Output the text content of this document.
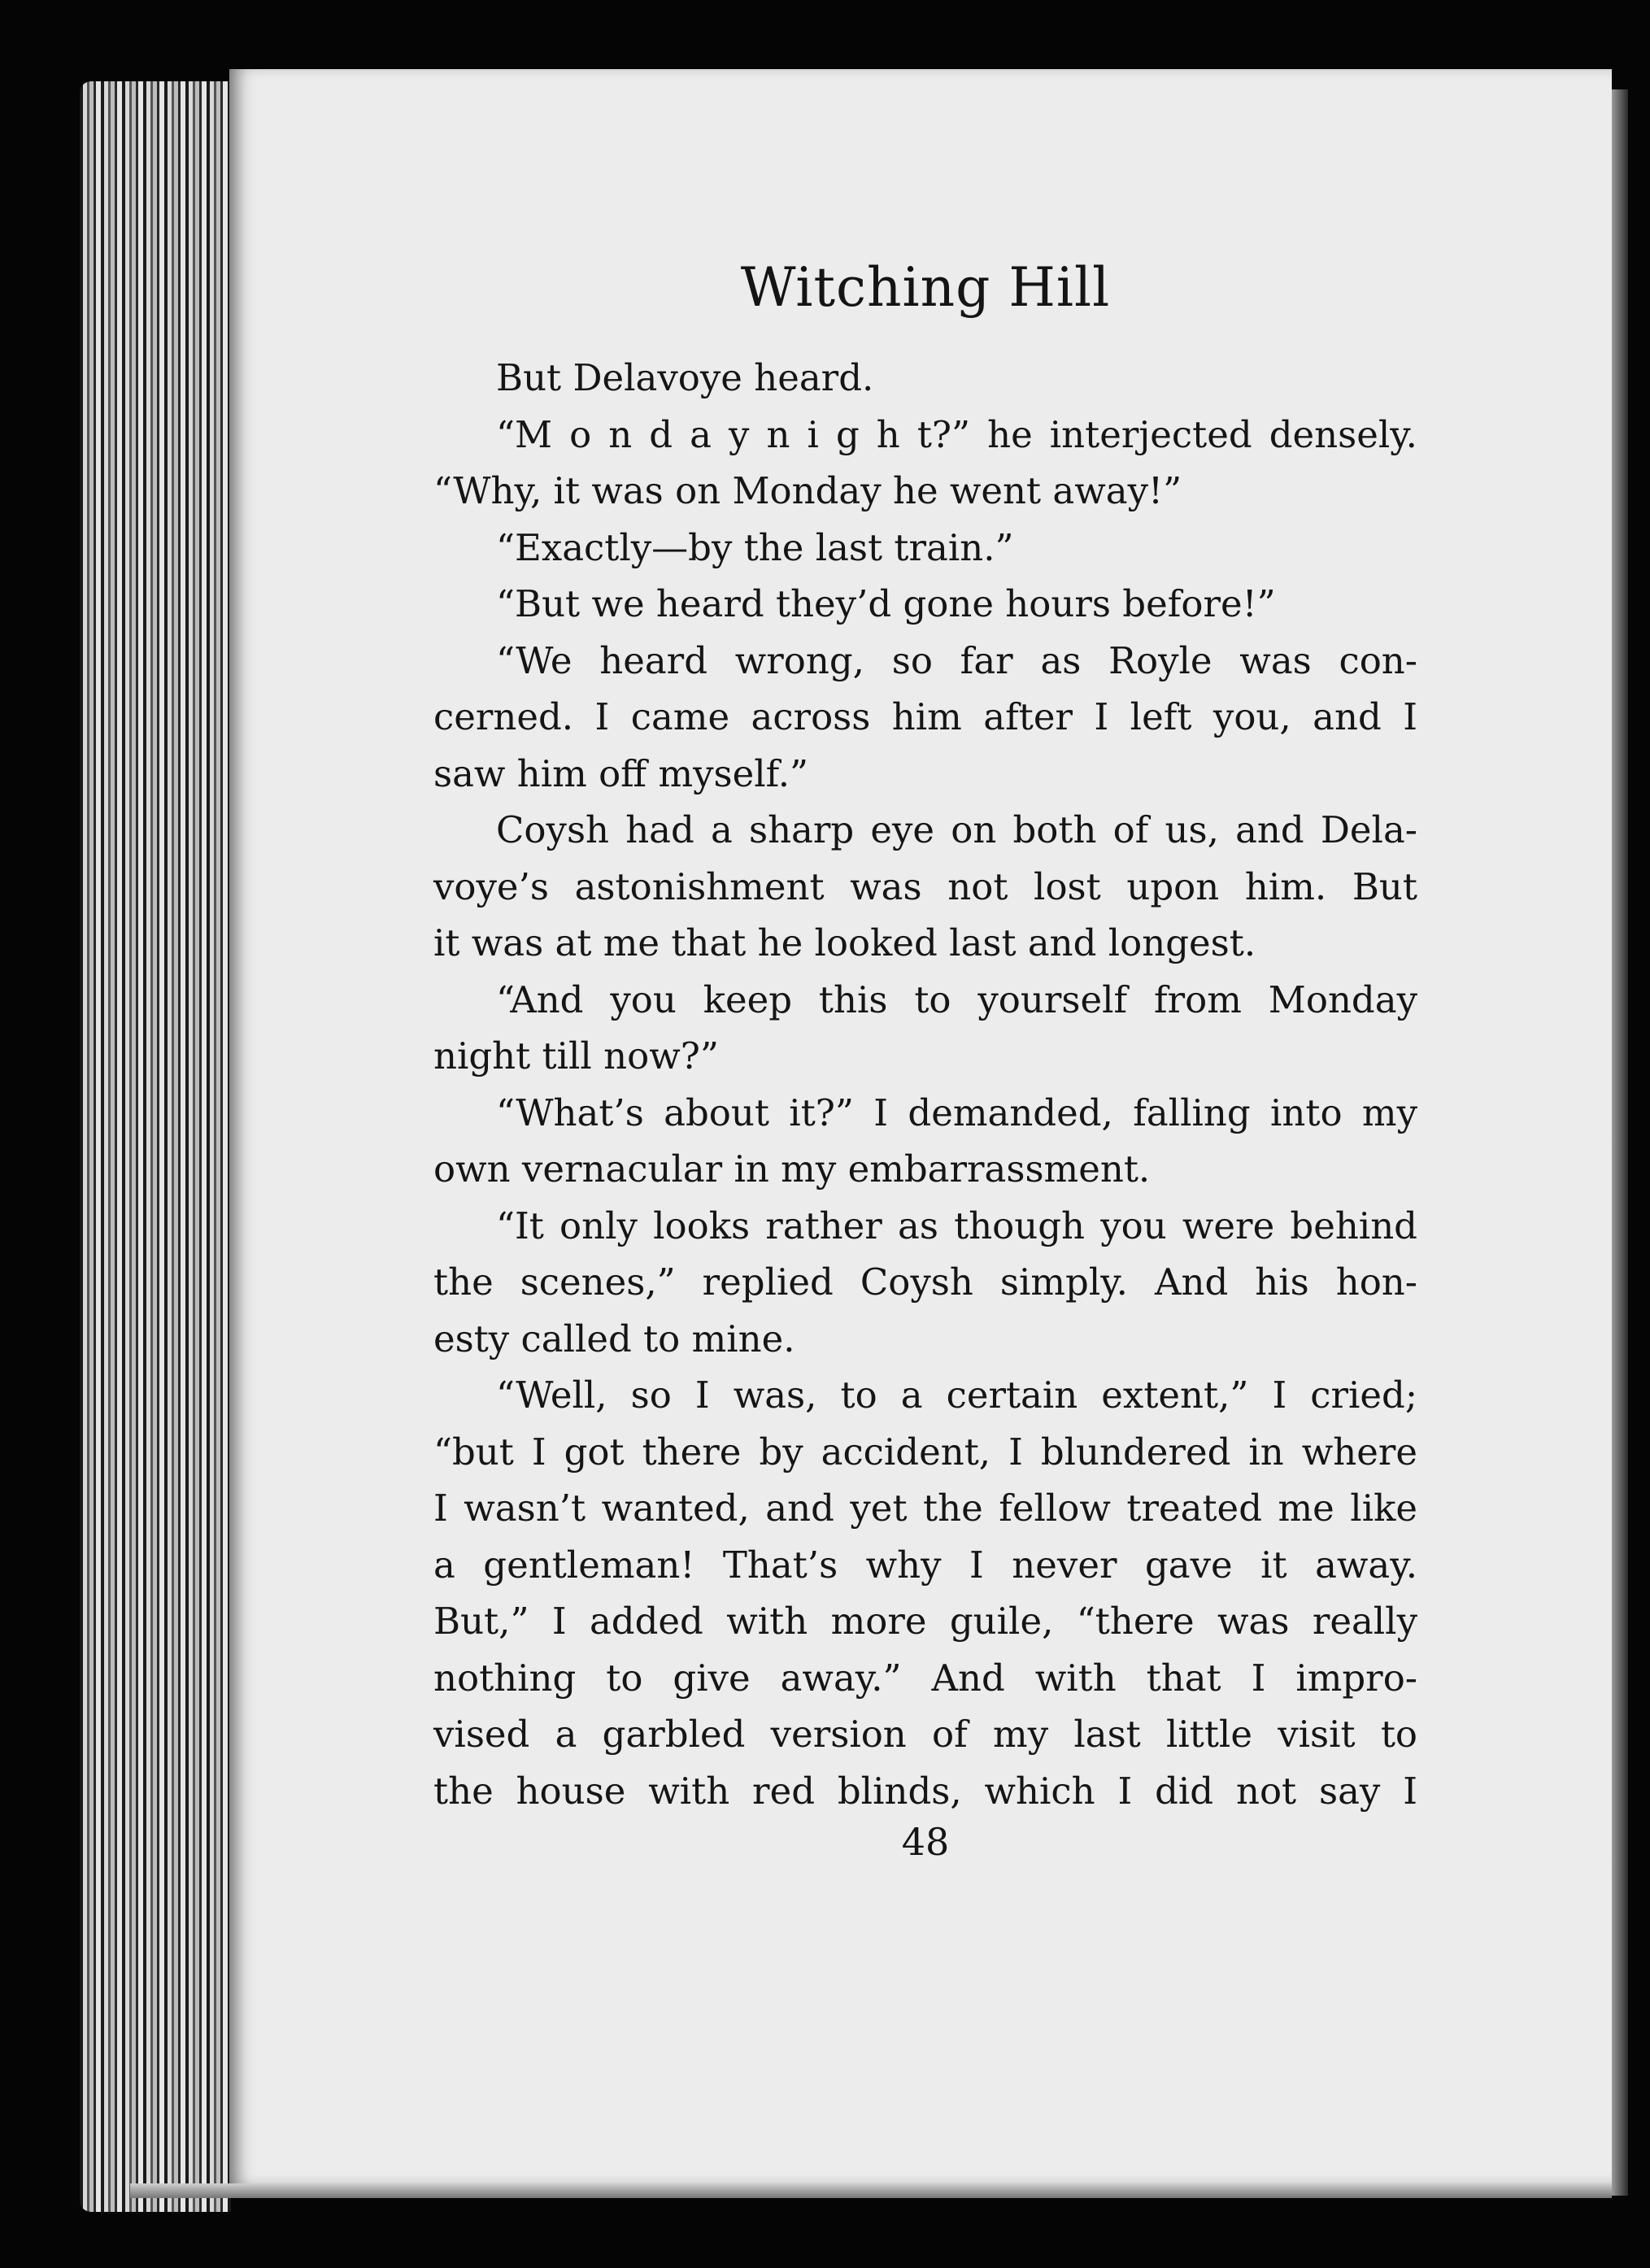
Witching Hill
But Delavoye heard.
“M o n d a y n i g h t?” he interjected densely.
“Why, it was on Monday he went away!”
“Exactly—by the last train.”
“But we heard they’d gone hours before!”
“We heard wrong, so far as Royle was con-
cerned. I came across him after I left you, and I
saw him off myself.”
Coysh had a sharp eye on both of us, and Dela-
voye’s astonishment was not lost upon him. But
it was at me that he looked last and longest.
“And you keep this to yourself from Monday
night till now?”
“What’s about it?” I demanded, falling into my
own vernacular in my embarrassment.
“It only looks rather as though you were behind
the scenes,” replied Coysh simply. And his hon-
esty called to mine.
“Well, so I was, to a certain extent,” I cried;
“but I got there by accident, I blundered in where
I wasn’t wanted, and yet the fellow treated me like
a gentleman! That’s why I never gave it away.
But,” I added with more guile, “there was really
nothing to give away.” And with that I impro-
vised a garbled version of my last little visit to
the house with red blinds, which I did not say I
48
